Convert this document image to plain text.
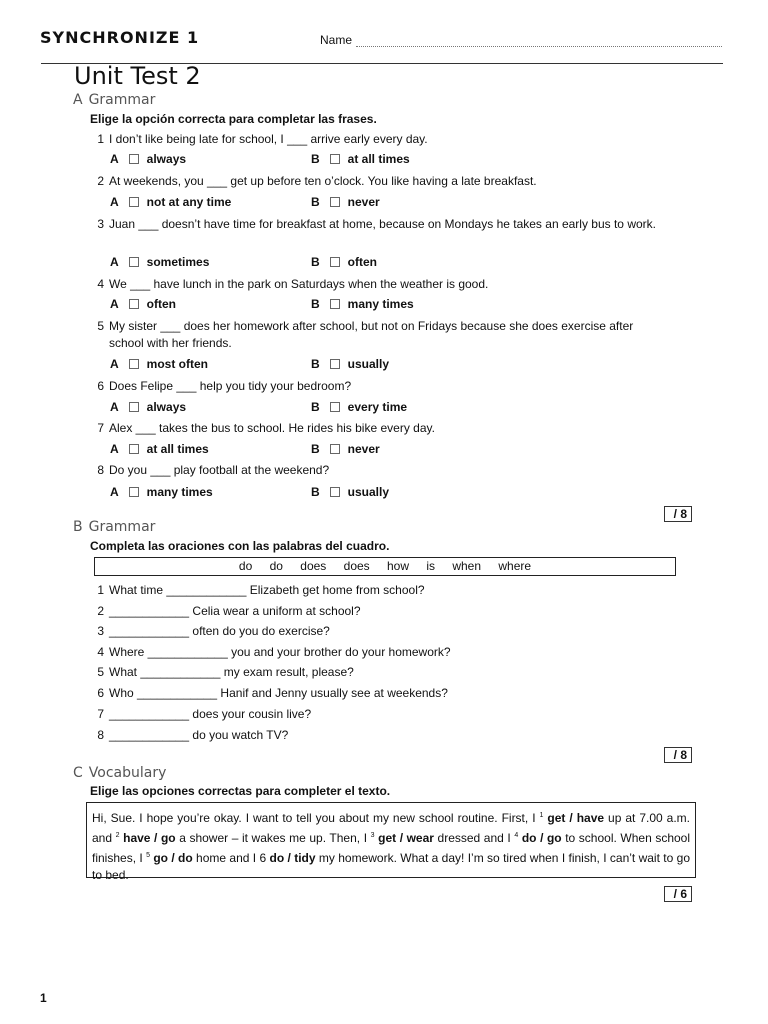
SYNCHRONIZE 1	Name
Unit Test 2
A Grammar
Elige la opción correcta para completar las frases.
1 I don’t like being late for school, I ___ arrive early every day.
A always	B at all times
2 At weekends, you ___ get up before ten o’clock. You like having a late breakfast.
A not at any time	B never
3 Juan ___ doesn’t have time for breakfast at home, because on Mondays he takes an early bus to work.
A sometimes	B often
4 We ___ have lunch in the park on Saturdays when the weather is good.
A often	B many times
5 My sister ___ does her homework after school, but not on Fridays because she does exercise after school with her friends.
A most often	B usually
6 Does Felipe ___ help you tidy your bedroom?
A always	B every time
7 Alex ___ takes the bus to school. He rides his bike every day.
A at all times	B never
8 Do you ___ play football at the weekend?
A many times	B usually
/ 8
B Grammar
Completa las oraciones con las palabras del cuadro.
do do does does how is when where
1 What time ____________ Elizabeth get home from school?
2 ____________ Celia wear a uniform at school?
3 ____________ often do you do exercise?
4 Where ____________ you and your brother do your homework?
5 What ____________ my exam result, please?
6 Who ____________ Hanif and Jenny usually see at weekends?
7 ____________ does your cousin live?
8 ____________ do you watch TV?
/ 8
C Vocabulary
Elige las opciones correctas para completer el texto.
Hi, Sue. I hope you’re okay. I want to tell you about my new school routine. First, I $^1$ get / have up at 7.00 a.m. and $^2$ have / go a shower – it wakes me up. Then, I $^3$ get / wear dressed and I $^4$ do / go to school. When school finishes, I $^5$ go / do home and I 6 do / tidy my homework. What a day! I’m so tired when I finish, I can’t wait to go to bed.
/ 6
1
